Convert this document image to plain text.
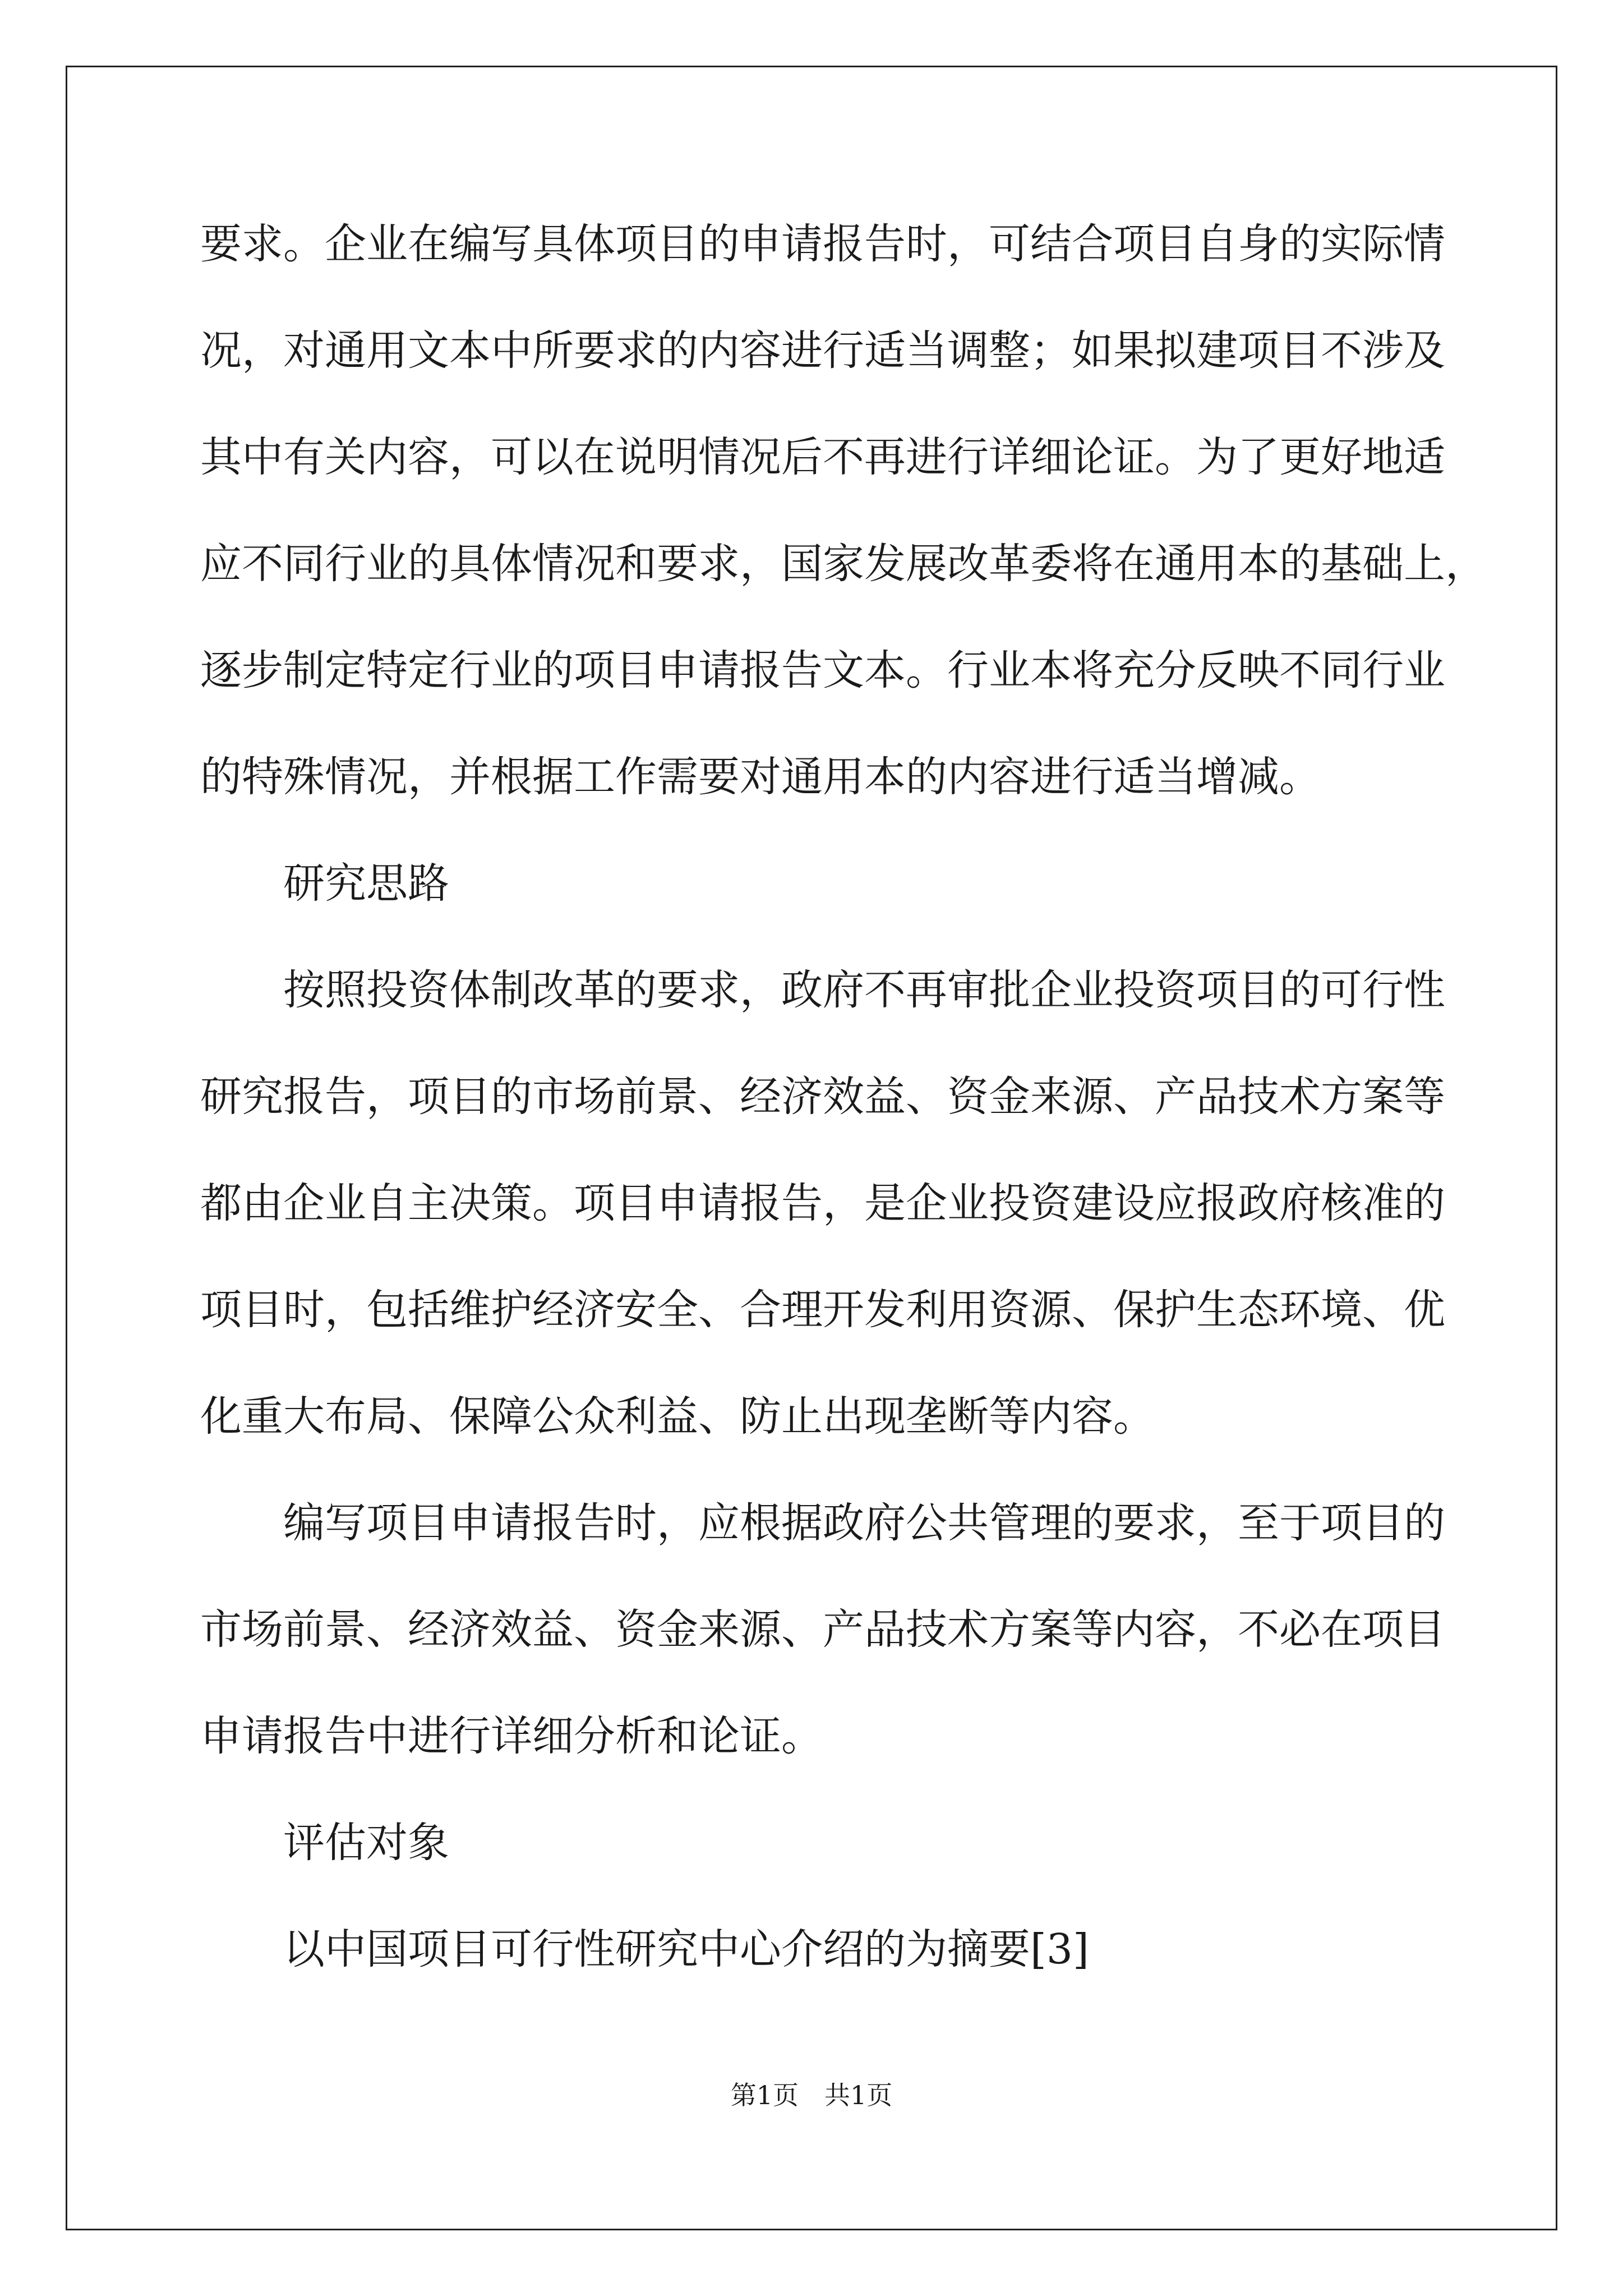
要求。企业在编写具体项目的申请报告时，可结合项目自身的实际情
况，对通用文本中所要求的内容进行适当调整；如果拟建项目不涉及
其中有关内容，可以在说明情况后不再进行详细论证。为了更好地适
应不同行业的具体情况和要求，国家发展改革委将在通用本的基础上，
逐步制定特定行业的项目申请报告文本。行业本将充分反映不同行业
的特殊情况，并根据工作需要对通用本的内容进行适当增减。
研究思路
按照投资体制改革的要求，政府不再审批企业投资项目的可行性
研究报告，项目的市场前景、经济效益、资金来源、产品技术方案等
都由企业自主决策。项目申请报告，是企业投资建设应报政府核准的
项目时，包括维护经济安全、合理开发利用资源、保护生态环境、优
化重大布局、保障公众利益、防止出现垄断等内容。
编写项目申请报告时，应根据政府公共管理的要求，至于项目的
市场前景、经济效益、资金来源、产品技术方案等内容，不必在项目
申请报告中进行详细分析和论证。
评估对象
以中国项目可行性研究中心介绍的为摘要[3]
第1页 共1页
